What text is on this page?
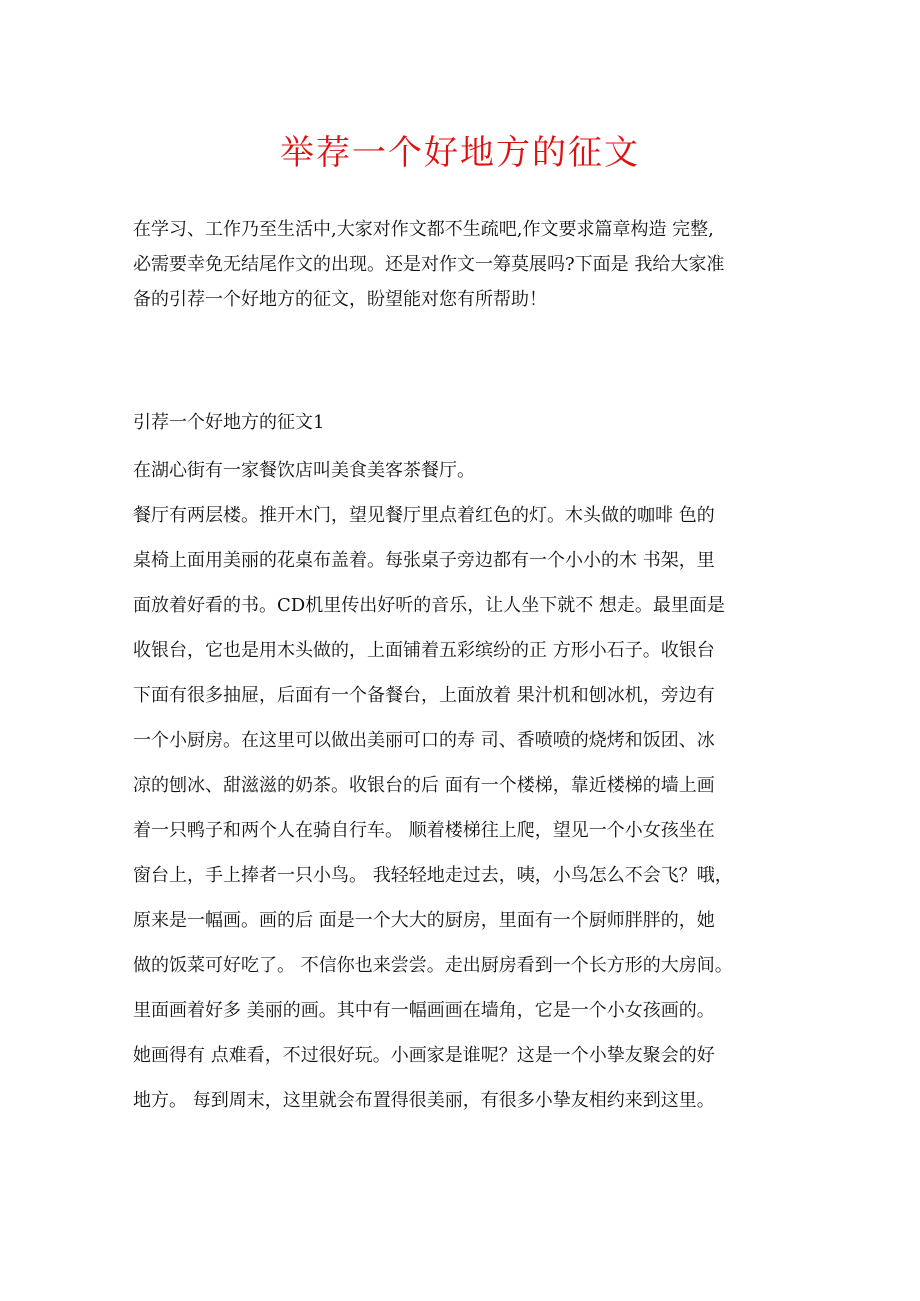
举荐一个好地方的征文
在学习、工作乃至生活中,大家对作文都不生疏吧,作文要求篇章构造 完整,
必需要幸免无结尾作文的出现。还是对作文一筹莫展吗?下面是 我给大家准
备的引荐一个好地方的征文，盼望能对您有所帮助！
引荐一个好地方的征文1
在湖心街有一家餐饮店叫美食美客茶餐厅。
餐厅有两层楼。推开木门，望见餐厅里点着红色的灯。木头做的咖啡 色的
桌椅上面用美丽的花桌布盖着。每张桌子旁边都有一个小小的木 书架，里
面放着好看的书。CD机里传出好听的音乐，让人坐下就不 想走。最里面是
收银台，它也是用木头做的，上面铺着五彩缤纷的正 方形小石子。收银台
下面有很多抽屉，后面有一个备餐台，上面放着 果汁机和刨冰机，旁边有
一个小厨房。在这里可以做出美丽可口的寿 司、香喷喷的烧烤和饭团、冰
凉的刨冰、甜滋滋的奶茶。收银台的后 面有一个楼梯，靠近楼梯的墙上画
着一只鸭子和两个人在骑自行车。 顺着楼梯往上爬，望见一个小女孩坐在
窗台上，手上捧者一只小鸟。 我轻轻地走过去，咦，小鸟怎么不会飞？哦，
原来是一幅画。画的后 面是一个大大的厨房，里面有一个厨师胖胖的，她
做的饭菜可好吃了。 不信你也来尝尝。走出厨房看到一个长方形的大房间。
里面画着好多 美丽的画。其中有一幅画画在墙角，它是一个小女孩画的。
她画得有 点难看，不过很好玩。小画家是谁呢？这是一个小挚友聚会的好
地方。 每到周末，这里就会布置得很美丽，有很多小挚友相约来到这里。
